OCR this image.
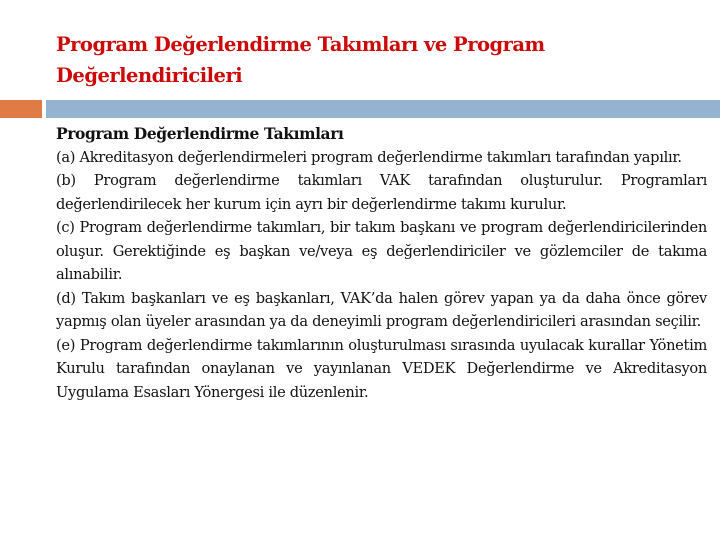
Program Değerlendirme Takımları ve Program Değerlendiricileri

Program Değerlendirme Takımları

(a) Akreditasyon değerlendirmeleri program değerlendirme takımları tarafından yapılır.

(b) Program değerlendirme takımları VAK tarafından oluşturulur. Programları değerlendirilecek her kurum için ayrı bir değerlendirme takımı kurulur.

(c) Program değerlendirme takımları, bir takım başkanı ve program değerlendiricilerinden oluşur. Gerektiğinde eş başkan ve/veya eş değerlendiriciler ve gözlemciler de takıma alınabilir.

(d) Takım başkanları ve eş başkanları, VAK’da halen görev yapan ya da daha önce görev yapmış olan üyeler arasından ya da deneyimli program değerlendiricileri arasından seçilir.

(e) Program değerlendirme takımlarının oluşturulması sırasında uyulacak kurallar Yönetim Kurulu tarafından onaylanan ve yayınlanan VEDEK Değerlendirme ve Akreditasyon Uygulama Esasları Yönergesi ile düzenlenir.
